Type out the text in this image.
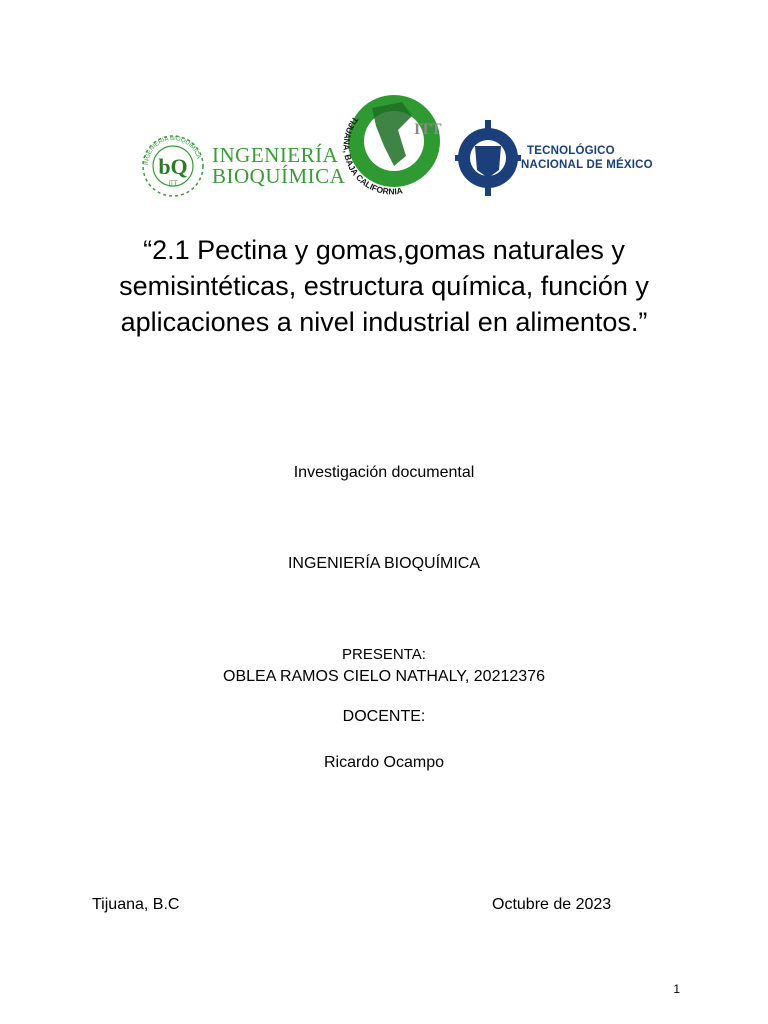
INGENIERÍA BIOQUÍMICA
bQ
ITT
INGENIERÍA
BIOQUÍMICA
TIJUANA, BAJA CALIFORNIA
ITT
TECNOLÓGICO
NACIONAL DE MÉXICO
“2.1 Pectina y gomas,gomas naturales y semisintéticas, estructura química, función y aplicaciones a nivel industrial en alimentos.”
Investigación documental
INGENIERÍA BIOQUÍMICA
PRESENTA:
OBLEA RAMOS CIELO NATHALY, 20212376
DOCENTE:
Ricardo Ocampo
Tijuana, B.C	Octubre de 2023
1
